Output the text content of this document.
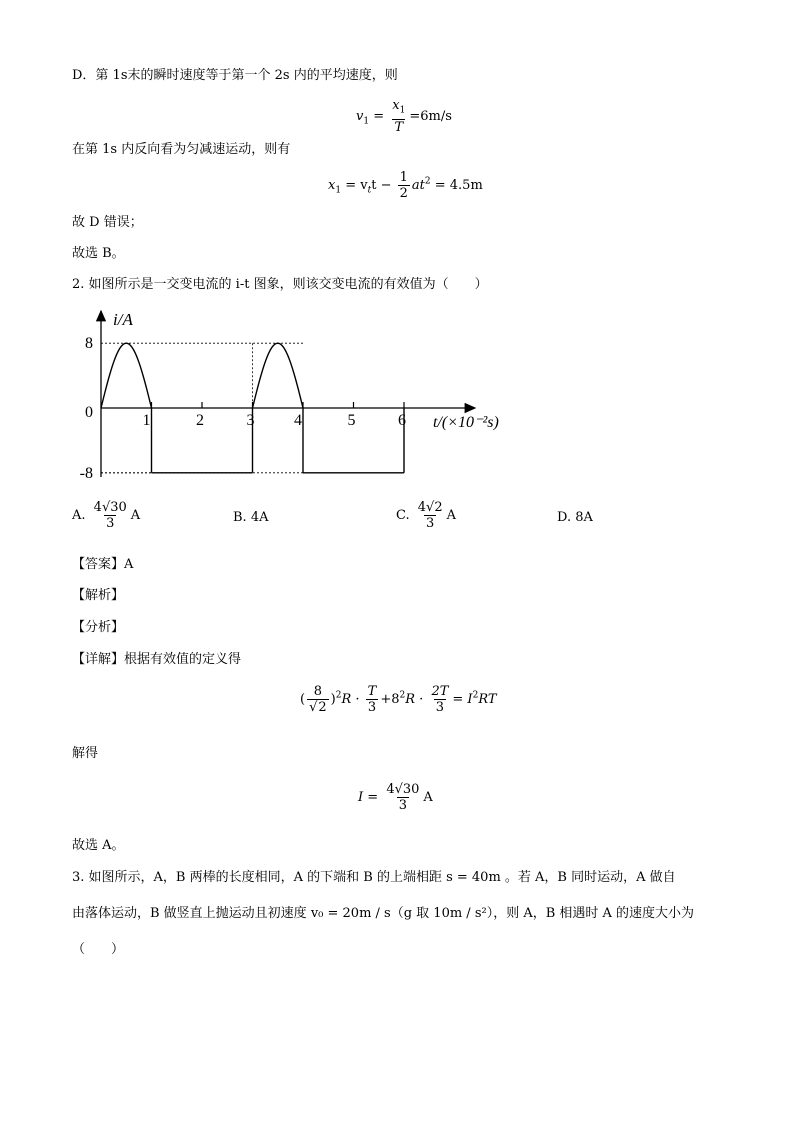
D．第 1s末的瞬时速度等于第一个 2s 内的平均速度，则
$v_1 = \frac{x_1}{T} =6m/s$
在第 1s 内反向看为匀减速运动，则有
$x_1 = v_tt - \frac{1}{2} at^2 = 4.5m$
故 D 错误；
故选 B。
2. 如图所示是一交变电流的 i-t 图象，则该交变电流的有效值为（　　）
1	2	3 4	5	6
8
0
-8
i/A
t/(×10⁻²s)
A. $\frac{4√30}{3}$ A	B. 4A	C. $\frac{4√2}{3}$ A	D. 8A
【答案】A
【解析】
【分析】
【详解】根据有效值的定义得
( $\frac{8}{√2} )^2R \cdot \frac{T}{3} +8^2R \cdot \frac{2T}{3} = I^2RT$
解得
$I = \frac{4√30}{3}$ A
故选 A。
3. 如图所示，A，B 两棒的长度相同，A 的下端和 B 的上端相距 s = 40m 。若 A，B 同时运动，A 做自
由落体运动，B 做竖直上抛运动且初速度 v₀ = 20m / s（g 取 10m / s²），则 A，B 相遇时 A 的速度大小为
（　　）
